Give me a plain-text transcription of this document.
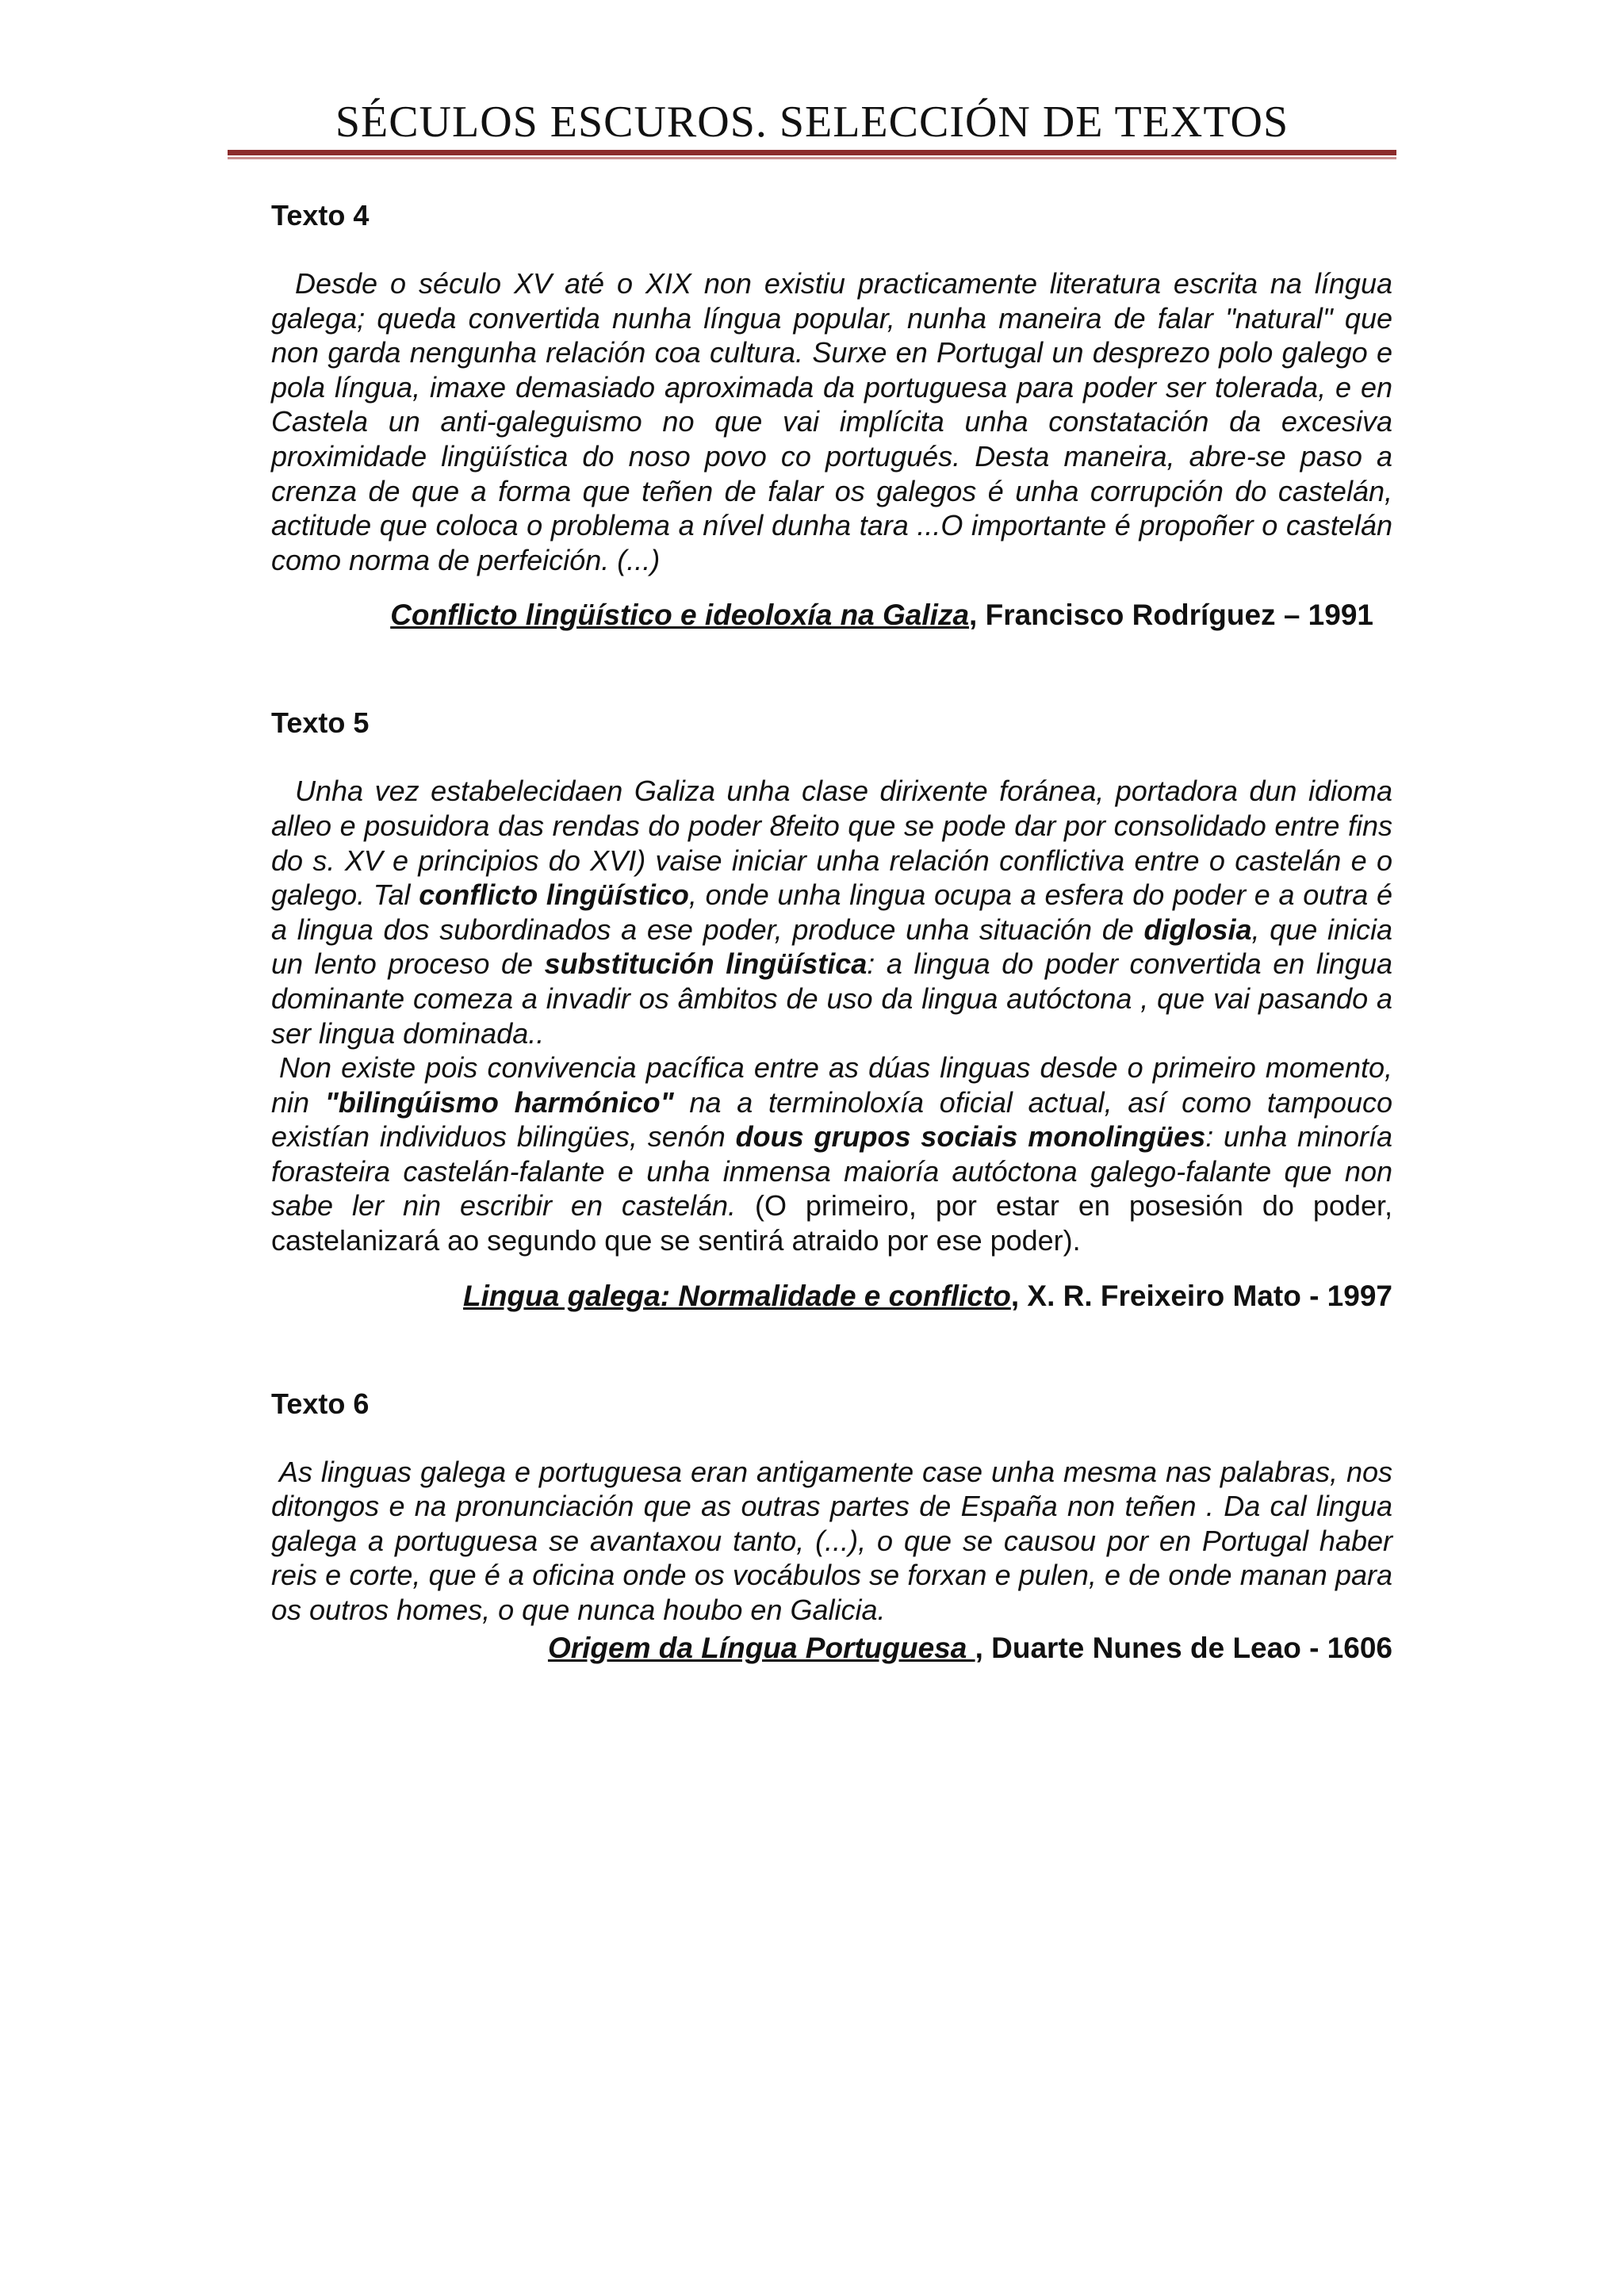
SÉCULOS ESCUROS. SELECCIÓN DE TEXTOS
Texto 4

Desde o século XV até o XIX non existiu practicamente literatura escrita na língua galega; queda convertida nunha língua popular, nunha maneira de falar "natural" que non garda nengunha relación coa cultura. Surxe en Portugal un desprezo polo galego e pola língua, imaxe demasiado aproximada da portuguesa para poder ser tolerada, e en Castela un anti-galeguismo no que vai implícita unha constatación da excesiva proximidade lingüística do noso povo co portugués. Desta maneira, abre-se paso a crenza de que a forma que teñen de falar os galegos é unha corrupción do castelán, actitude que coloca o problema a nível dunha tara ...O importante é propoñer o castelán como norma de perfeición. (...)

Conflicto lingüístico e ideoloxía na Galiza, Francisco Rodríguez – 1991

Texto 5

Unha vez estabelecidaen Galiza unha clase dirixente foránea, portadora dun idioma alleo e posuidora das rendas do poder 8feito que se pode dar por consolidado entre fins do s. XV e principios do XVI) vaise iniciar unha relación conflictiva entre o castelán e o galego. Tal conflicto lingüístico, onde unha lingua ocupa a esfera do poder e a outra é a lingua dos subordinados a ese poder, produce unha situación de diglosia, que inicia un lento proceso de substitución lingüística: a lingua do poder convertida en lingua dominante comeza a invadir os âmbitos de uso da lingua autóctona , que vai pasando a ser lingua dominada..

Non existe pois convivencia pacífica entre as dúas linguas desde o primeiro momento, nin "bilingúismo harmónico" na a terminoloxía oficial actual, así como tampouco existían individuos bilingües, senón dous grupos sociais monolingües: unha minoría forasteira castelán-falante e unha inmensa maioría autóctona galego-falante que non sabe ler nin escribir en castelán. (O primeiro, por estar en posesión do poder, castelanizará ao segundo que se sentirá atraido por ese poder).

Lingua galega: Normalidade e conflicto, X. R. Freixeiro Mato - 1997

Texto 6

As linguas galega e portuguesa eran antigamente case unha mesma nas palabras, nos ditongos e na pronunciación que as outras partes de España non teñen . Da cal lingua galega a portuguesa se avantaxou tanto, (...), o que se causou por en Portugal haber reis e corte, que é a oficina onde os vocábulos se forxan e pulen, e de onde manan para os outros homes, o que nunca houbo en Galicia.

Origem da Língua Portuguesa , Duarte Nunes de Leao - 1606
